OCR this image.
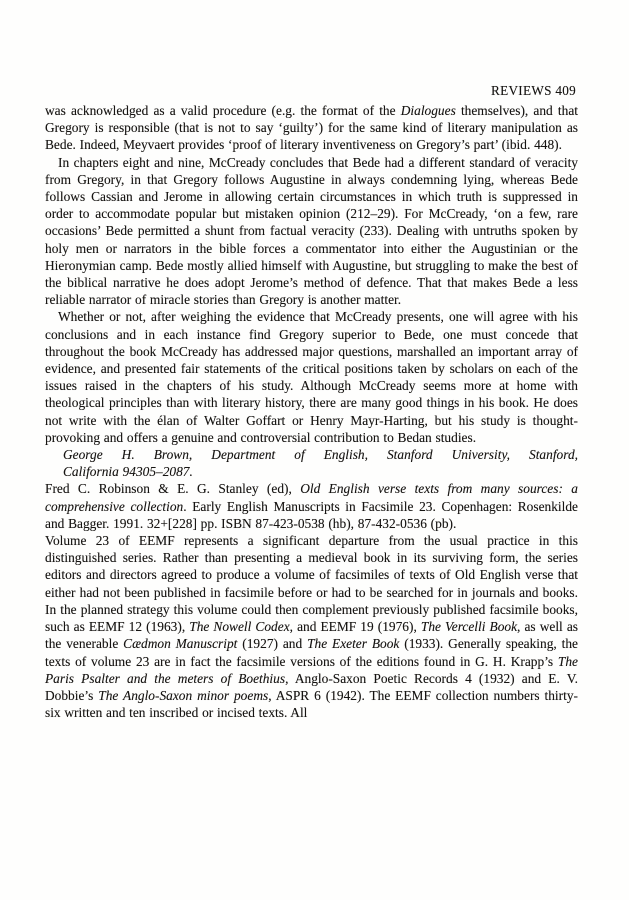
REVIEWS 409

was acknowledged as a valid procedure (e.g. the format of the Dialogues themselves), and that Gregory is responsible (that is not to say ‘guilty’) for the same kind of literary manipulation as Bede. Indeed, Meyvaert provides ‘proof of literary inventiveness on Gregory’s part’ (ibid. 448).

In chapters eight and nine, McCready concludes that Bede had a different standard of veracity from Gregory, in that Gregory follows Augustine in always condemning lying, whereas Bede follows Cassian and Jerome in allowing certain circumstances in which truth is suppressed in order to accommodate popular but mistaken opinion (212–29). For McCready, ‘on a few, rare occasions’ Bede permitted a shunt from factual veracity (233). Dealing with untruths spoken by holy men or narrators in the bible forces a commentator into either the Augustinian or the Hieronymian camp. Bede mostly allied himself with Augustine, but struggling to make the best of the biblical narrative he does adopt Jerome’s method of defence. That that makes Bede a less reliable narrator of miracle stories than Gregory is another matter.

Whether or not, after weighing the evidence that McCready presents, one will agree with his conclusions and in each instance find Gregory superior to Bede, one must concede that throughout the book McCready has addressed major questions, marshalled an important array of evidence, and presented fair statements of the critical positions taken by scholars on each of the issues raised in the chapters of his study. Although McCready seems more at home with theological principles than with literary history, there are many good things in his book. He does not write with the élan of Walter Goffart or Henry Mayr-Harting, but his study is thought-provoking and offers a genuine and controversial contribution to Bedan studies.

George H. Brown, Department of English, Stanford University, Stanford,
California 94305–2087.

Fred C. Robinson & E. G. Stanley (ed), Old English verse texts from many sources: a comprehensive collection. Early English Manuscripts in Facsimile 23. Copenhagen: Rosenkilde and Bagger. 1991. 32+[228] pp. ISBN 87-423-0538 (hb), 87-432-0536 (pb).

Volume 23 of EEMF represents a significant departure from the usual practice in this distinguished series. Rather than presenting a medieval book in its surviving form, the series editors and directors agreed to produce a volume of facsimiles of texts of Old English verse that either had not been published in facsimile before or had to be searched for in journals and books. In the planned strategy this volume could then complement previously published facsimile books, such as EEMF 12 (1963), The Nowell Codex, and EEMF 19 (1976), The Vercelli Book, as well as the venerable Cædmon Manuscript (1927) and The Exeter Book (1933). Generally speaking, the texts of volume 23 are in fact the facsimile versions of the editions found in G. H. Krapp’s The Paris Psalter and the meters of Boethius, Anglo-Saxon Poetic Records 4 (1932) and E. V. Dobbie’s The Anglo-Saxon minor poems, ASPR 6 (1942). The EEMF collection numbers thirty-six written and ten inscribed or incised texts. All
